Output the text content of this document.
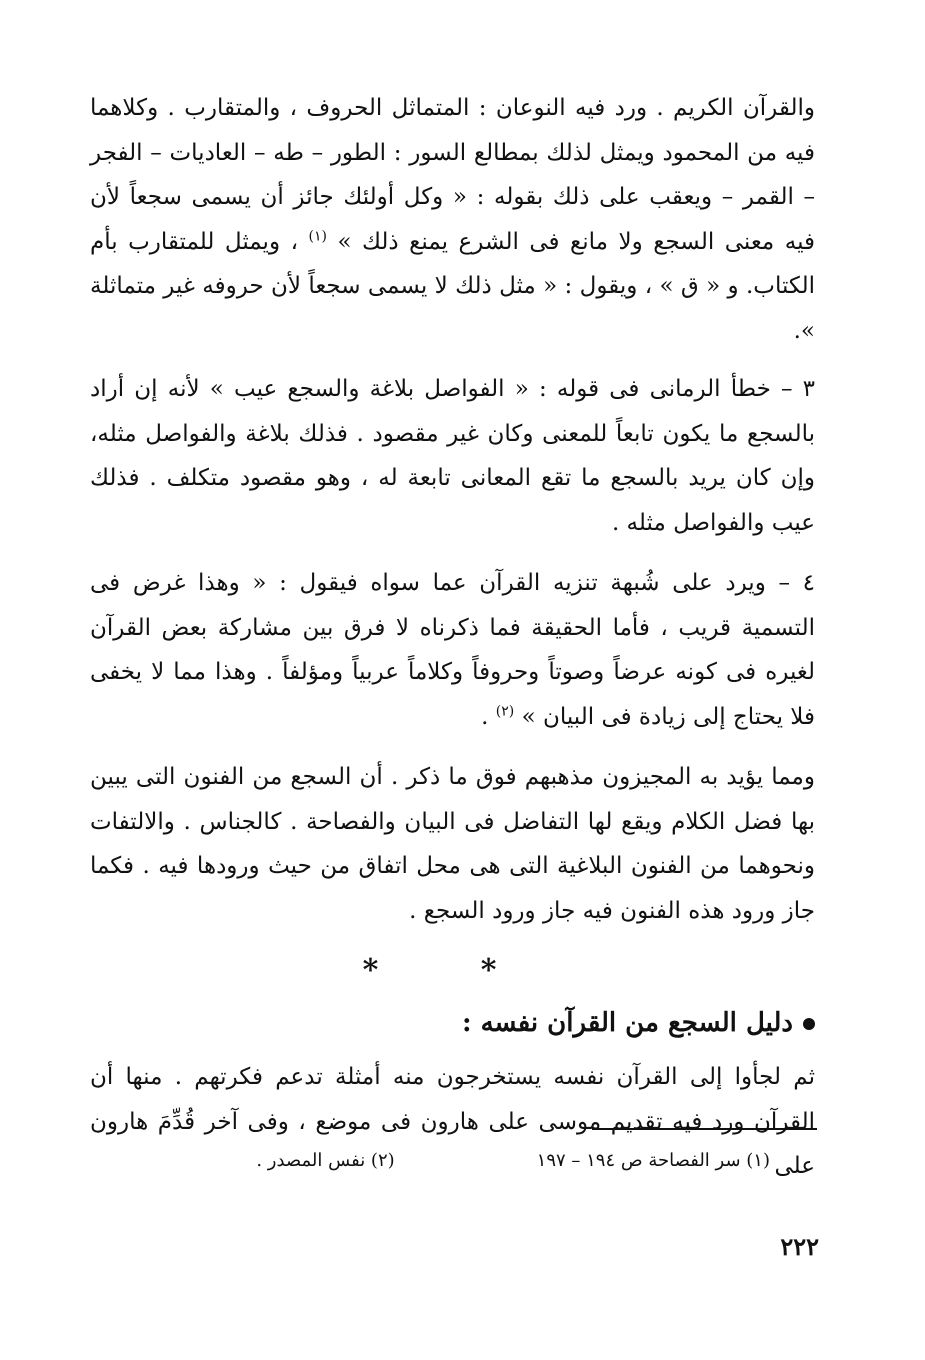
والقرآن الكريم . ورد فيه النوعان : المتماثل الحروف ، والمتقارب . وكلاهما فيه من المحمود ويمثل لذلك بمطالع السور : الطور – طه – العاديات – الفجر – القمر – ويعقب على ذلك بقوله : « وكل أولئك جائز أن يسمى سجعاً لأن فيه معنى السجع ولا مانع فى الشرع يمنع ذلك » $^{(١)}$ ، ويمثل للمتقارب بأم الكتاب. و « ق » ، ويقول : « مثل ذلك لا يسمى سجعاً لأن حروفه غير متماثلة ».

٣ – خطأ الرمانى فى قوله : « الفواصل بلاغة والسجع عيب » لأنه إن أراد بالسجع ما يكون تابعاً للمعنى وكان غير مقصود . فذلك بلاغة والفواصل مثله، وإن كان يريد بالسجع ما تقع المعانى تابعة له ، وهو مقصود متكلف . فذلك عيب والفواصل مثله .

٤ – ويرد على شُبهة تنزيه القرآن عما سواه فيقول : « وهذا غرض فى التسمية قريب ، فأما الحقيقة فما ذكرناه لا فرق بين مشاركة بعض القرآن لغيره فى كونه عرضاً وصوتاً وحروفاً وكلاماً عربياً ومؤلفاً . وهذا مما لا يخفى فلا يحتاج إلى زيادة فى البيان » $^{(٢)}$ .

ومما يؤيد به المجيزون مذهبهم فوق ما ذكر . أن السجع من الفنون التى يبين بها فضل الكلام ويقع لها التفاضل فى البيان والفصاحة . كالجناس . والالتفات ونحوهما من الفنون البلاغية التى هى محل اتفاق من حيث ورودها فيه . فكما جاز ورود هذه الفنون فيه جاز ورود السجع .

* *
دليل السجع من القرآن نفسه :

ثم لجأوا إلى القرآن نفسه يستخرجون منه أمثلة تدعم فكرتهم . منها أن القرآن ورد فيه تقديم موسى على هارون فى موضع ، وفى آخر قُدِّمَ هارون على

(١) سر الفصاحة ص ١٩٤ – ١٩٧
(٢) نفس المصدر .
٢٢٢
